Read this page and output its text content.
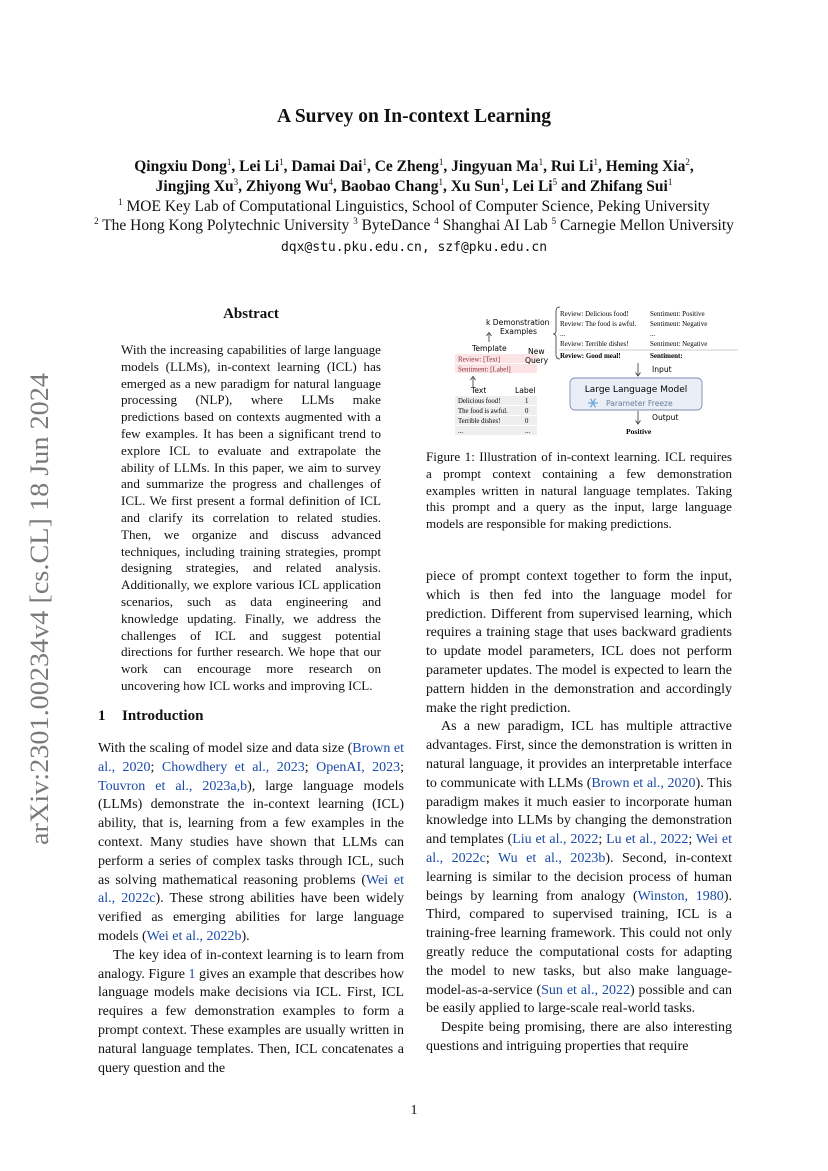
arXiv:2301.00234v4 [cs.CL] 18 Jun 2024
A Survey on In-context Learning
Qingxiu Dong$^1$, Lei Li$^1$, Damai Dai$^1$, Ce Zheng$^1$, Jingyuan Ma$^1$, Rui Li$^1$, Heming Xia$^2$,
Jingjing Xu$^3$, Zhiyong Wu$^4$, Baobao Chang$^1$, Xu Sun$^1$, Lei Li$^5$ and Zhifang Sui$^1$
$^1$ MOE Key Lab of Computational Linguistics, School of Computer Science, Peking University
$^2$ The Hong Kong Polytechnic University $^3$ ByteDance $^4$ Shanghai AI Lab $^5$ Carnegie Mellon University
dqx@stu.pku.edu.cn, szf@pku.edu.cn
Abstract
With the increasing capabilities of large language models (LLMs), in-context learning (ICL) has emerged as a new paradigm for natural language processing (NLP), where LLMs make predictions based on contexts augmented with a few examples. It has been a significant trend to explore ICL to evaluate and extrapolate the ability of LLMs. In this paper, we aim to survey and summarize the progress and challenges of ICL. We first present a formal definition of ICL and clarify its correlation to related studies. Then, we organize and discuss advanced techniques, including training strategies, prompt designing strategies, and related analysis. Additionally, we explore various ICL application scenarios, such as data engineering and knowledge updating. Finally, we address the challenges of ICL and suggest potential directions for further research. We hope that our work can encourage more research on uncovering how ICL works and improving ICL.
1 Introduction

With the scaling of model size and data size (Brown et al., 2020; Chowdhery et al., 2023; OpenAI, 2023; Touvron et al., 2023a,b), large language models (LLMs) demonstrate the in-context learning (ICL) ability, that is, learning from a few examples in the context. Many studies have shown that LLMs can perform a series of complex tasks through ICL, such as solving mathematical reasoning problems (Wei et al., 2022c). These strong abilities have been widely verified as emerging abilities for large language models (Wei et al., 2022b).

The key idea of in-context learning is to learn from analogy. Figure 1 gives an example that describes how language models make decisions via ICL. First, ICL requires a few demonstration examples to form a prompt context. These examples are usually written in natural language templates. Then, ICL concatenates a query question and the

k Demonstration
Examples
Template
Review: [Text]
Sentiment: [Label]
New
Query
Text	Label
Delicious food!	1
The food is awful.	0
Terrible dishes!	0
...	...
Review: Delicious food!	Sentiment: Positive
Review: The food is awful. Sentiment: Negative
...	...
Review: Terrible dishes!	Sentiment: Negative
Review: Good meal!	Sentiment:
Input
Large Language Model
Parameter Freeze
Output
Positive
Figure 1: Illustration of in-context learning. ICL requires a prompt context containing a few demonstration examples written in natural language templates. Taking this prompt and a query as the input, large language models are responsible for making predictions.

piece of prompt context together to form the input, which is then fed into the language model for prediction. Different from supervised learning, which requires a training stage that uses backward gradients to update model parameters, ICL does not perform parameter updates. The model is expected to learn the pattern hidden in the demonstration and accordingly make the right prediction.

As a new paradigm, ICL has multiple attractive advantages. First, since the demonstration is written in natural language, it provides an interpretable interface to communicate with LLMs (Brown et al., 2020). This paradigm makes it much easier to incorporate human knowledge into LLMs by changing the demonstration and templates (Liu et al., 2022; Lu et al., 2022; Wei et al., 2022c; Wu et al., 2023b). Second, in-context learning is similar to the decision process of human beings by learning from analogy (Winston, 1980). Third, compared to supervised training, ICL is a training-free learning framework. This could not only greatly reduce the computational costs for adapting the model to new tasks, but also make language-model-as-a-service (Sun et al., 2022) possible and can be easily applied to large-scale real-world tasks.

Despite being promising, there are also interesting questions and intriguing properties that require

1
